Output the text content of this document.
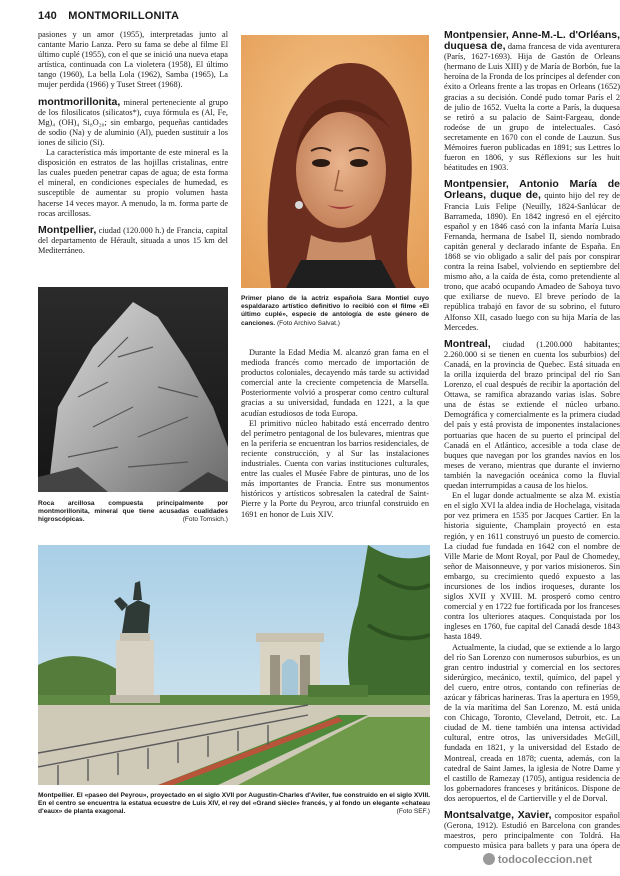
140 MONTMORILLONITA

pasiones y un amor (1955), interpretadas junto al cantante Mario Lanza. Pero su fama se debe al filme El último cuplé (1955), con el que se inició una nueva etapa artística, continuada con La violetera (1958), El último tango (1960), La bella Lola (1962), Samba (1965), La mujer perdida (1966) y Tuset Street (1968).

montmorillonita, mineral perteneciente al grupo de los filosilicatos (silicatos*), cuya fórmula es (Al, Fe, Mg)₄ (OH)₄ Si₈O₂₀; sin embargo, pequeñas cantidades de sodio (Na) y de aluminio (Al), pueden sustituir a los iones de silicio (Si).

La característica más importante de este mineral es la disposición en estratos de las hojillas cristalinas, entre las cuales pueden penetrar capas de agua; de esta forma el mineral, en condiciones especiales de humedad, es susceptible de aumentar su propio volumen hasta hacerse 14 veces mayor. A menudo, la m. forma parte de rocas arcillosas.

Montpellier, ciudad (120.000 h.) de Francia, capital del departamento de Hérault, situada a unos 15 km del Mediterráneo.

Roca arcillosa compuesta principalmente por montmorillonita, mineral que tiene acusadas cualidades higroscópicas.	(Foto Tomsich.)
Primer plano de la actriz española Sara Montiel cuyo espaldarazo artístico definitivo lo recibió con el filme «El último cuplé», especie de antología de este género de canciones. (Foto Archivo Salvat.)

Durante la Edad Media M. alcanzó gran fama en el medioda francés como mercado de importación de productos coloniales, decayendo más tarde su actividad comercial ante la creciente competencia de Marsella. Posteriormente volvió a prosperar como centro cultural gracias a su universidad, fundada en 1221, a la que acudían estudiosos de toda Europa.

El primitivo núcleo habitado está encerrado dentro del perímetro pentagonal de los bulevares, mientras que en la periferia se encuentran los barrios residenciales, de reciente construcción, y al Sur las instalaciones industriales. Cuenta con varias instituciones culturales, entre las cuales el Musée Fabre de pinturas, uno de los más importantes de Francia. Entre sus monumentos históricos y artísticos sobresalen la catedral de Saint-Pierre y la Porte du Peyrou, arco triunfal construido en 1691 en honor de Luis XIV.

Montpensier, Anne-M.-L. d'Orléans, duquesa de, dama francesa de vida aventurera (París, 1627-1693). Hija de Gastón de Orleans (hermano de Luis XIII) y de María de Borbón, fue la heroína de la Fronda de los príncipes al defender con éxito a Orleans frente a las tropas en Orleans (1652) gracias a su decisión. Condé pudo tomar París el 2 de julio de 1652. Vuelta la corte a París, la duquesa se retiró a su palacio de Saint-Fargeau, donde rodeóse de un grupo de intelectuales. Casó secretamente en 1670 con el conde de Lauzun. Sus Mémoires fueron publicadas en 1891; sus Lettres lo fueron en 1806, y sus Réflexions sur les huit béatitudes en 1903.

Montpensier, Antonio María de Orleans, duque de, quinto hijo del rey de Francia Luis Felipe (Neuilly, 1824-Sanlúcar de Barrameda, 1890). En 1842 ingresó en el ejército español y en 1846 casó con la infanta María Luisa Fernanda, hermana de Isabel II, siendo nombrado capitán general y declarado infante de España. En 1868 se vio obligado a salir del país por conspirar contra la reina Isabel, volviendo en septiembre del mismo año, a la caída de ésta, como pretendiente al trono, que acabó ocupando Amadeo de Saboya tuvo que exiliarse de nuevo. El breve período de la república trabajó en favor de su sobrino, el futuro Alfonso XII, casado luego con su hija María de las Mercedes.

Montreal, ciudad (1.200.000 habitantes; 2.260.000 si se tienen en cuenta los suburbios) del Canadá, en la provincia de Quebec. Está situada en la orilla izquierda del brazo principal del río San Lorenzo, el cual después de recibir la aportación del Ottawa, se ramifica abrazando varias islas. Sobre una de éstas se extiende el núcleo urbano. Demográfica y comercialmente es la primera ciudad del país y está provista de imponentes instalaciones portuarias que hacen de su puerto el principal del Canadá en el Atlántico, accesible a toda clase de buques que navegan por los grandes navíos en los meses de verano, mientras que durante el invierno también la navegación oceánica como la fluvial quedan interrumpidas a causa de los hielos.

En el lugar donde actualmente se alza M. existía en el siglo XVI la aldea india de Hochelaga, visitada por vez primera en 1535 por Jacques Cartier. En la historia siguiente, Champlain proyectó en esta región, y en 1611 construyó un puesto de comercio. La ciudad fue fundada en 1642 con el nombre de Ville Marie de Mont Royal, por Paul de Chomedey, señor de Maisonneuve, y por varios misioneros. Sin embargo, su crecimiento quedó expuesto a las incursiones de los indios iroqueses, durante los siglos XVII y XVIII. M. prosperó como centro comercial y en 1722 fue fortificada por los franceses contra los ulteriores ataques. Conquistada por los ingleses en 1760, fue capital del Canadá desde 1843 hasta 1849.

Actualmente, la ciudad, que se extiende a lo largo del río San Lorenzo con numerosos suburbios, es un gran centro industrial y comercial en los sectores siderúrgico, mecánico, textil, químico, del papel y del cuero, entre otros, contando con refinerías de azúcar y fábricas harineras. Tras la apertura en 1959, de la vía marítima del San Lorenzo, M. está unida con Chicago, Toronto, Cleveland, Detroit, etc. La ciudad de M. tiene también una intensa actividad cultural, entre otros, las universidades McGill, fundada en 1821, y la universidad del Estado de Montreal, creada en 1878; cuenta, además, con la catedral de Saint James, la iglesia de Notre Dame y el castillo de Ramezay (1705), antigua residencia de los gobernadores franceses y británicos. Dispone de dos aeropuertos, el de Cartierville y el de Dorval.

Montsalvatge, Xavier, compositor español (Gerona, 1912). Estudió en Barcelona con grandes maestros, pero principalmente con Toldrá. Ha compuesto música para ballets y para una ópera de

Montpellier. El «paseo del Peyrou», proyectado en el siglo XVII por Augustin-Charles d'Aviler, fue construido en el siglo XVIII. En el centro se encuentra la estatua ecuestre de Luis XIV, el rey del «Grand siècle» francés, y al fondo un elegante «chateau d'eaux» de planta exagonal.	(Foto SEF.)
todocoleccion.net
